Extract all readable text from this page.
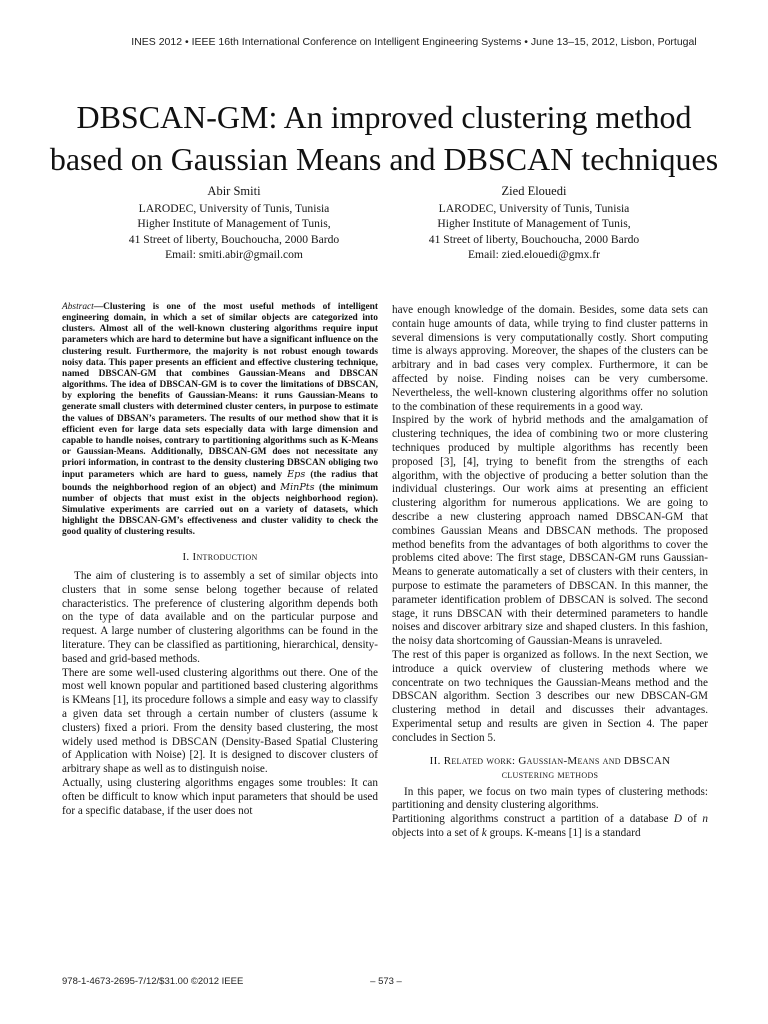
INES 2012 • IEEE 16th International Conference on Intelligent Engineering Systems • June 13–15, 2012, Lisbon, Portugal
DBSCAN-GM: An improved clustering method
based on Gaussian Means and DBSCAN techniques
Abir Smiti
LARODEC, University of Tunis, Tunisia
Higher Institute of Management of Tunis,
41 Street of liberty, Bouchoucha, 2000 Bardo
Email: smiti.abir@gmail.com
Zied Elouedi
LARODEC, University of Tunis, Tunisia
Higher Institute of Management of Tunis,
41 Street of liberty, Bouchoucha, 2000 Bardo
Email: zied.elouedi@gmx.fr

Abstract—Clustering is one of the most useful methods of intelligent engineering domain, in which a set of similar objects are categorized into clusters. Almost all of the well-known clustering algorithms require input parameters which are hard to determine but have a significant influence on the clustering result. Furthermore, the majority is not robust enough towards noisy data. This paper presents an efficient and effective clustering technique, named DBSCAN-GM that combines Gaussian-Means and DBSCAN algorithms. The idea of DBSCAN-GM is to cover the limitations of DBSCAN, by exploring the benefits of Gaussian-Means: it runs Gaussian-Means to generate small clusters with determined cluster centers, in purpose to estimate the values of DBSAN’s parameters. The results of our method show that it is efficient even for large data sets especially data with large dimension and capable to handle noises, contrary to partitioning algorithms such as K-Means or Gaussian-Means. Additionally, DBSCAN-GM does not necessitate any priori information, in contrast to the density clustering DBSCAN obliging two input parameters which are hard to guess, namely Eps (the radius that bounds the neighborhood region of an object) and MinPts (the minimum number of objects that must exist in the objects neighborhood region). Simulative experiments are carried out on a variety of datasets, which highlight the DBSCAN-GM’s effectiveness and cluster validity to check the good quality of clustering results.

I. Introduction

The aim of clustering is to assembly a set of similar objects into clusters that in some sense belong together because of related characteristics. The preference of clustering algorithm depends both on the type of data available and on the particular purpose and request. A large number of clustering algorithms can be found in the literature. They can be classified as partitioning, hierarchical, density-based and grid-based methods.

There are some well-used clustering algorithms out there. One of the most well known popular and partitioned based clustering algorithms is KMeans [1], its procedure follows a simple and easy way to classify a given data set through a certain number of clusters (assume k clusters) fixed a priori. From the density based clustering, the most widely used method is DBSCAN (Density-Based Spatial Clustering of Application with Noise) [2]. It is designed to discover clusters of arbitrary shape as well as to distinguish noise.

Actually, using clustering algorithms engages some troubles: It can often be difficult to know which input parameters that should be used for a specific database, if the user does not

have enough knowledge of the domain. Besides, some data sets can contain huge amounts of data, while trying to find cluster patterns in several dimensions is very computationally costly. Short computing time is always approving. Moreover, the shapes of the clusters can be arbitrary and in bad cases very complex. Furthermore, it can be affected by noise. Finding noises can be very cumbersome. Nevertheless, the well-known clustering algorithms offer no solution to the combination of these requirements in a good way.

Inspired by the work of hybrid methods and the amalgamation of clustering techniques, the idea of combining two or more clustering techniques produced by multiple algorithms has recently been proposed [3], [4], trying to benefit from the strengths of each algorithm, with the objective of producing a better solution than the individual clusterings. Our work aims at presenting an efficient clustering algorithm for numerous applications. We are going to describe a new clustering approach named DBSCAN-GM that combines Gaussian Means and DBSCAN methods. The proposed method benefits from the advantages of both algorithms to cover the problems cited above: The first stage, DBSCAN-GM runs Gaussian-Means to generate automatically a set of clusters with their centers, in purpose to estimate the parameters of DBSCAN. In this manner, the parameter identification problem of DBSCAN is solved. The second stage, it runs DBSCAN with their determined parameters to handle noises and discover arbitrary size and shaped clusters. In this fashion, the noisy data shortcoming of Gaussian-Means is unraveled.

The rest of this paper is organized as follows. In the next Section, we introduce a quick overview of clustering methods where we concentrate on two techniques the Gaussian-Means method and the DBSCAN algorithm. Section 3 describes our new DBSCAN-GM clustering method in detail and discusses their advantages. Experimental setup and results are given in Section 4. The paper concludes in Section 5.

II. Related work: Gaussian-Means and DBSCAN
clustering methods

In this paper, we focus on two main types of clustering methods: partitioning and density clustering algorithms.

Partitioning algorithms construct a partition of a database D of n objects into a set of k groups. K-means [1] is a standard

978-1-4673-2695-7/12/$31.00 ©2012 IEEE	– 573 –
